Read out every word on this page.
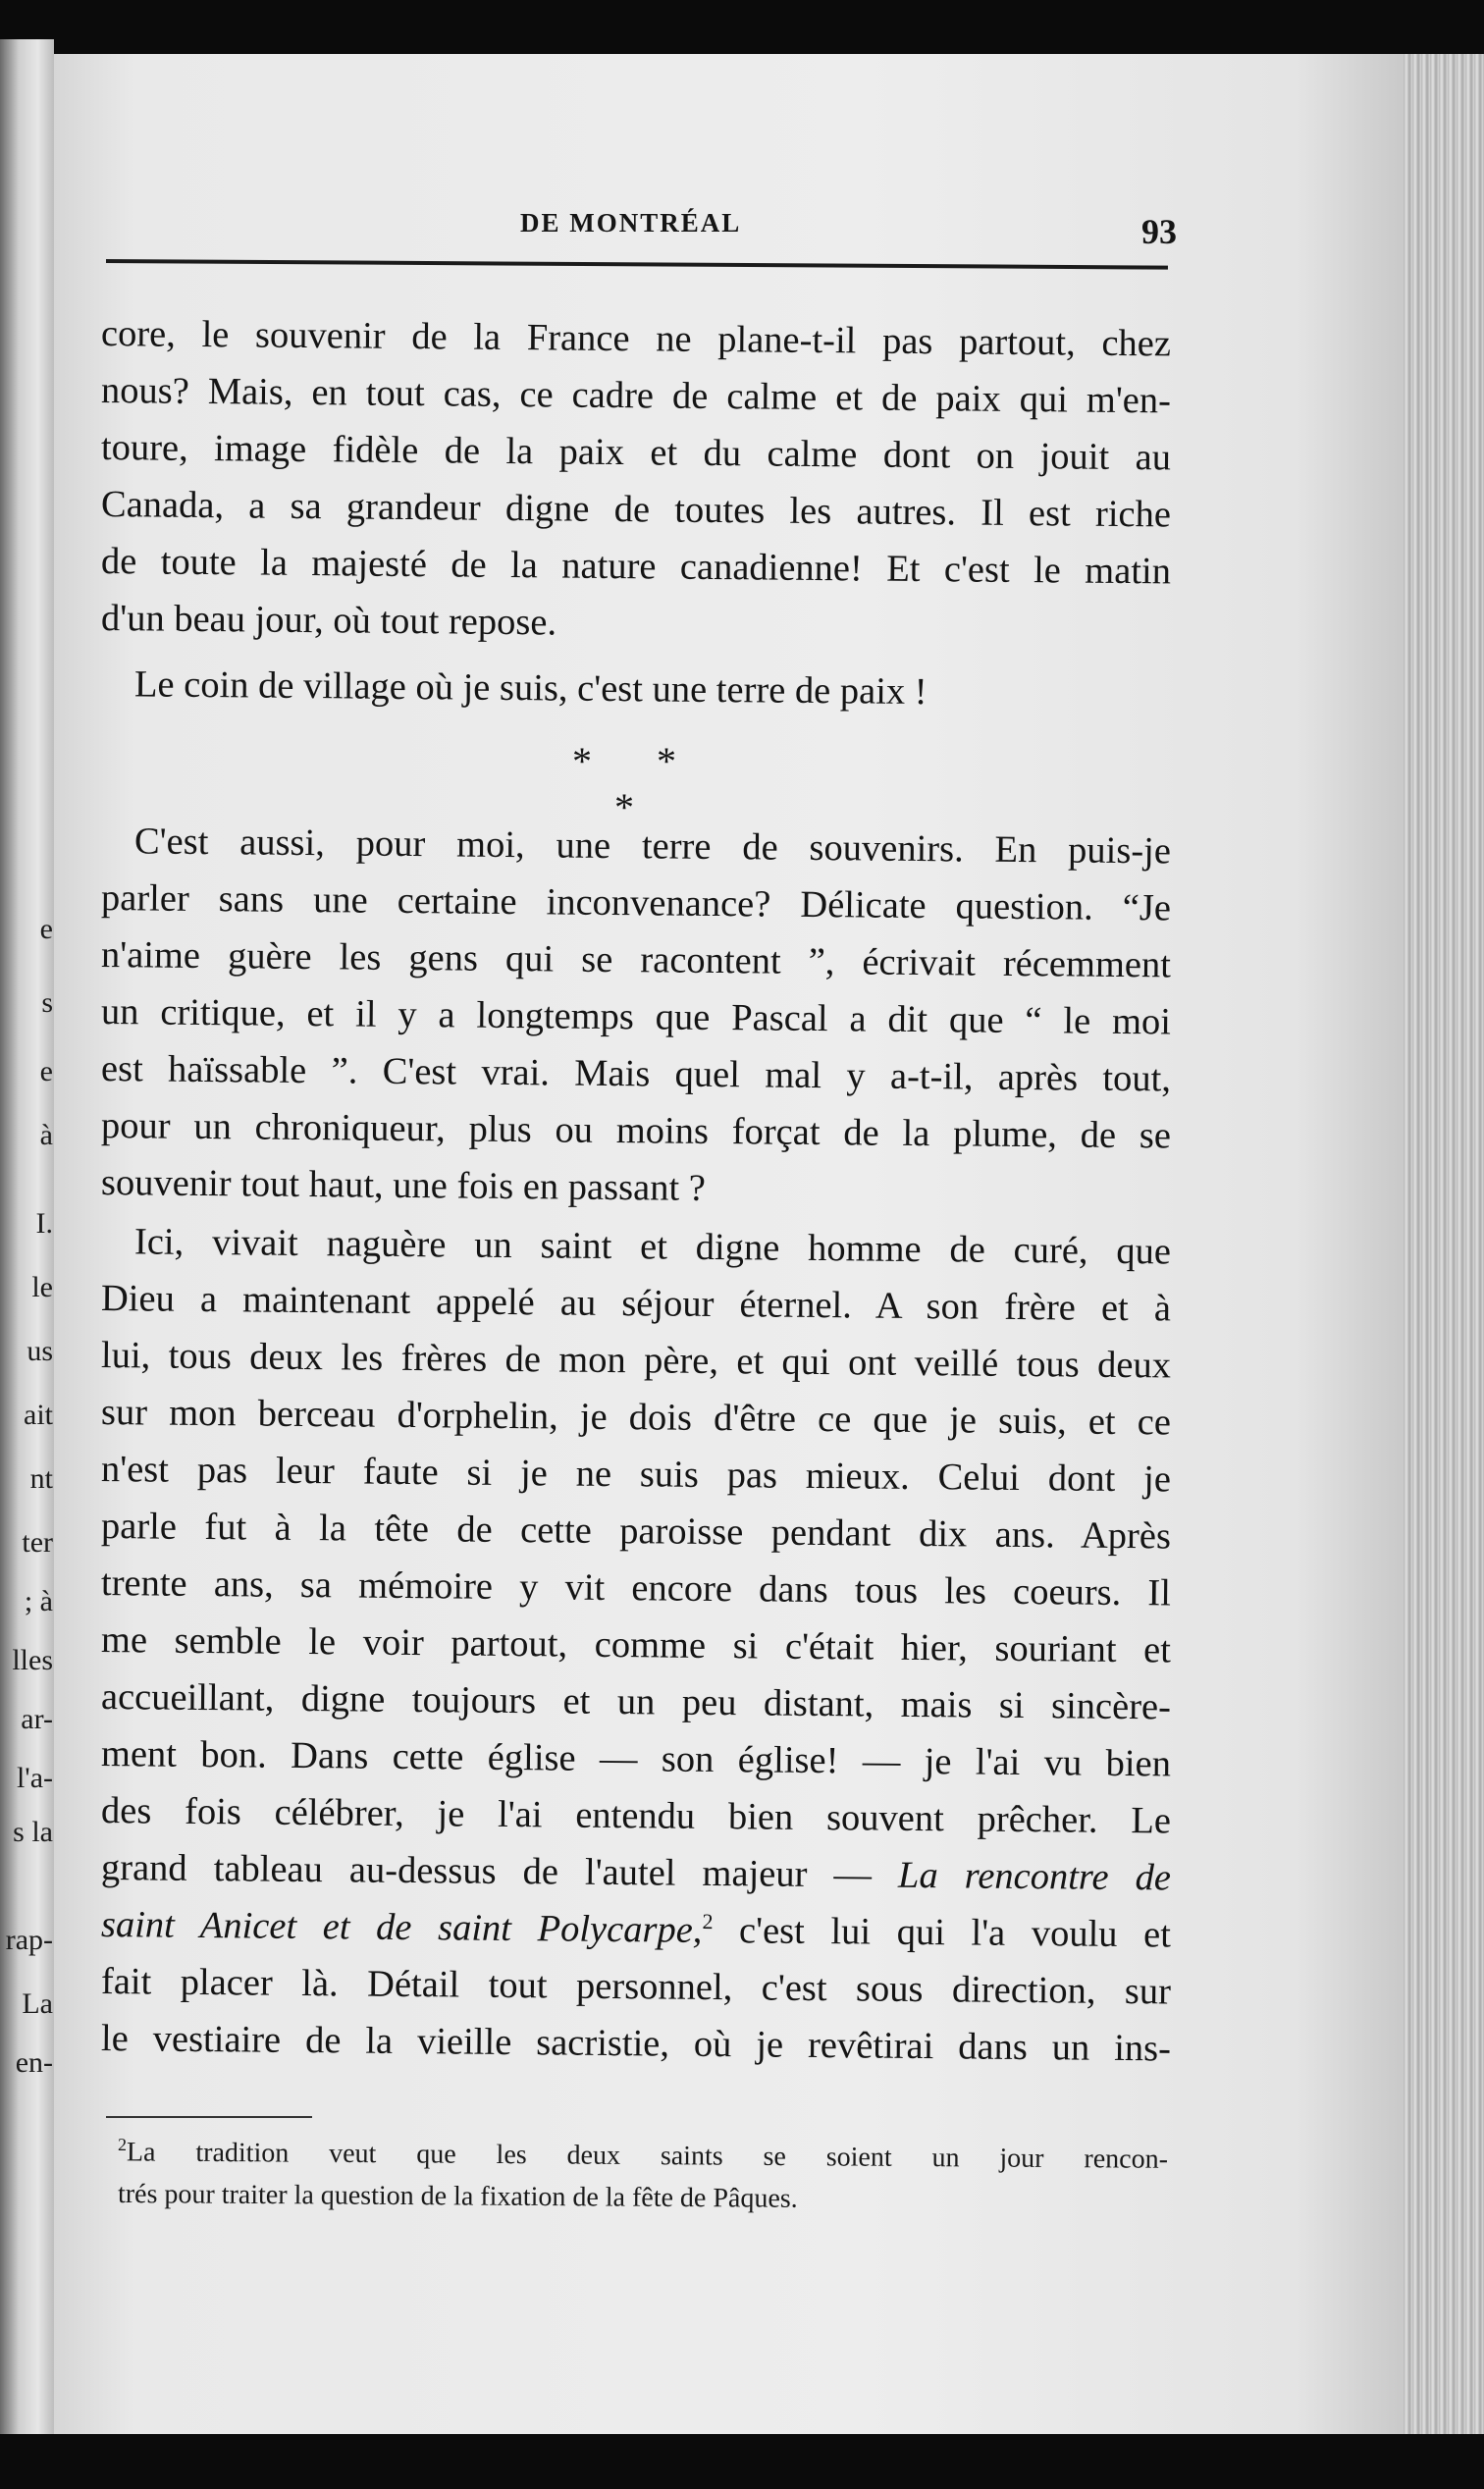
e
s
e
à
I.
le
us
ait
nt
ter
; à
lles
ar-
l'a-
s la
rap-
La
en-
DE MONTRÉAL	93
core, le souvenir de la France ne plane-t-il pas partout, chez
nous? Mais, en tout cas, ce cadre de calme et de paix qui m'en-
toure, image fidèle de la paix et du calme dont on jouit au
Canada, a sa grandeur digne de toutes les autres. Il est riche
de toute la majesté de la nature canadienne! Et c'est le matin
d'un beau jour, où tout repose.
Le coin de village où je suis, c'est une terre de paix !
* * *
C'est aussi, pour moi, une terre de souvenirs. En puis-je
parler sans une certaine inconvenance? Délicate question. “Je
n'aime guère les gens qui se racontent ”, écrivait récemment
un critique, et il y a longtemps que Pascal a dit que “ le moi
est haïssable ”. C'est vrai. Mais quel mal y a-t-il, après tout,
pour un chroniqueur, plus ou moins forçat de la plume, de se
souvenir tout haut, une fois en passant ?
Ici, vivait naguère un saint et digne homme de curé, que
Dieu a maintenant appelé au séjour éternel. A son frère et à
lui, tous deux les frères de mon père, et qui ont veillé tous deux
sur mon berceau d'orphelin, je dois d'être ce que je suis, et ce
n'est pas leur faute si je ne suis pas mieux. Celui dont je
parle fut à la tête de cette paroisse pendant dix ans. Après
trente ans, sa mémoire y vit encore dans tous les coeurs. Il
me semble le voir partout, comme si c'était hier, souriant et
accueillant, digne toujours et un peu distant, mais si sincère-
ment bon. Dans cette église — son église! — je l'ai vu bien
des fois célébrer, je l'ai entendu bien souvent prêcher. Le
grand tableau au-dessus de l'autel majeur — La rencontre de
saint Anicet et de saint Polycarpe,$^2$ c'est lui qui l'a voulu et
fait placer là. Détail tout personnel, c'est sous direction, sur
le vestiaire de la vieille sacristie, où je revêtirai dans un ins-
$^2$La tradition veut que les deux saints se soient un jour rencon-
trés pour traiter la question de la fixation de la fête de Pâques.
